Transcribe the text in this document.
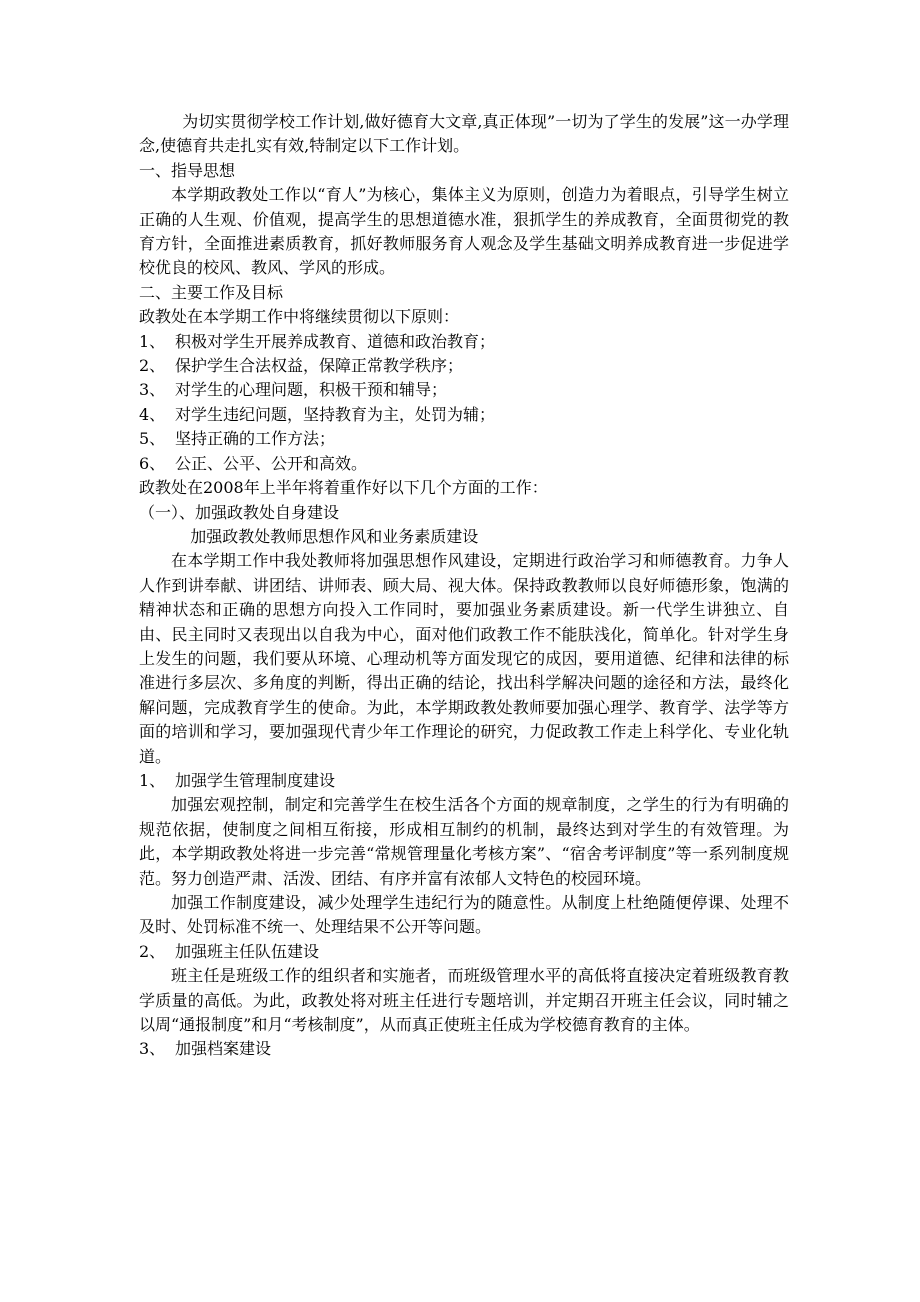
为切实贯彻学校工作计划,做好德育大文章,真正体现”一切为了学生的发展”这一办学理念,使德育共走扎实有效,特制定以下工作计划。

一、指导思想

本学期政教处工作以“育人”为核心，集体主义为原则，创造力为着眼点，引导学生树立正确的人生观、价值观，提高学生的思想道德水准，狠抓学生的养成教育，全面贯彻党的教育方针，全面推进素质教育，抓好教师服务育人观念及学生基础文明养成教育进一步促进学校优良的校风、教风、学风的形成。

二、主要工作及目标

政教处在本学期工作中将继续贯彻以下原则：

1、 积极对学生开展养成教育、道德和政治教育；
2、 保护学生合法权益，保障正常教学秩序；
3、 对学生的心理问题，积极干预和辅导；
4、 对学生违纪问题，坚持教育为主，处罚为辅；
5、 坚持正确的工作方法；
6、 公正、公平、公开和高效。

政教处在2008年上半年将着重作好以下几个方面的工作：

（一）、加强政教处自身建设

加强政教处教师思想作风和业务素质建设

在本学期工作中我处教师将加强思想作风建设，定期进行政治学习和师德教育。力争人人作到讲奉献、讲团结、讲师表、顾大局、视大体。保持政教教师以良好师德形象，饱满的精神状态和正确的思想方向投入工作同时，要加强业务素质建设。新一代学生讲独立、自由、民主同时又表现出以自我为中心，面对他们政教工作不能肤浅化，简单化。针对学生身上发生的问题，我们要从环境、心理动机等方面发现它的成因，要用道德、纪律和法律的标准进行多层次、多角度的判断，得出正确的结论，找出科学解决问题的途径和方法，最终化解问题，完成教育学生的使命。为此，本学期政教处教师要加强心理学、教育学、法学等方面的培训和学习，要加强现代青少年工作理论的研究，力促政教工作走上科学化、专业化轨道。

1、 加强学生管理制度建设

加强宏观控制，制定和完善学生在校生活各个方面的规章制度，之学生的行为有明确的规范依据，使制度之间相互衔接，形成相互制约的机制，最终达到对学生的有效管理。为此，本学期政教处将进一步完善“常规管理量化考核方案”、“宿舍考评制度”等一系列制度规范。努力创造严肃、活泼、团结、有序并富有浓郁人文特色的校园环境。

加强工作制度建设，减少处理学生违纪行为的随意性。从制度上杜绝随便停课、处理不及时、处罚标准不统一、处理结果不公开等问题。

2、 加强班主任队伍建设

班主任是班级工作的组织者和实施者，而班级管理水平的高低将直接决定着班级教育教学质量的高低。为此，政教处将对班主任进行专题培训，并定期召开班主任会议，同时辅之以周“通报制度”和月“考核制度”，从而真正使班主任成为学校德育教育的主体。

3、 加强档案建设
